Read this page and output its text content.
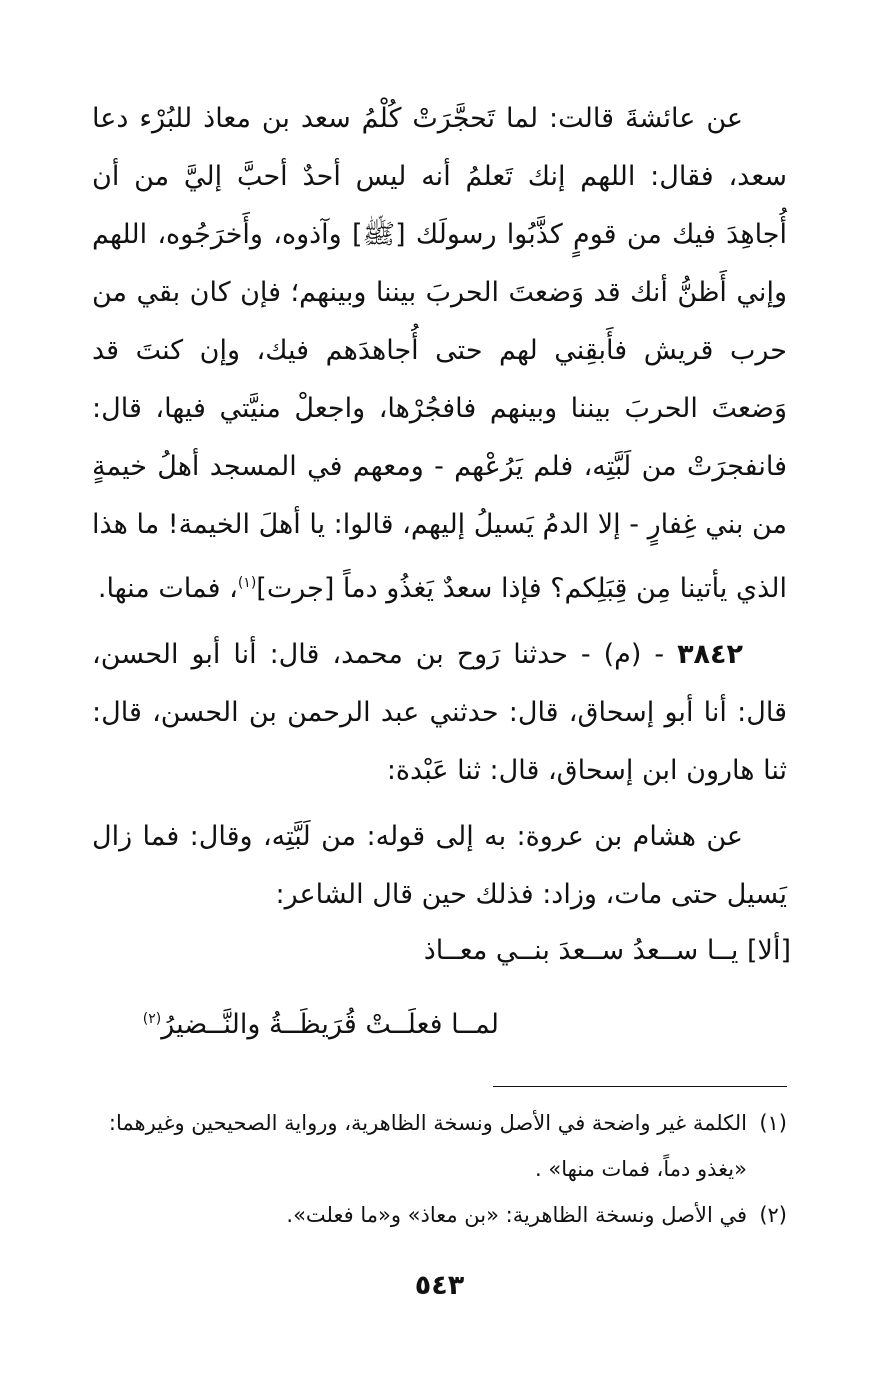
عن عائشةَ قالت: لما تَحجَّرَتْ كُلْمُ سعد بن معاذ للبُرْء دعا سعد، فقال: اللهم إنك تَعلمُ أنه ليس أحدٌ أحبَّ إليَّ من أن أُجاهِدَ فيك من قومٍ كذَّبُوا رسولَك [ﷺ] وآذوه، وأَخرَجُوه، اللهم وإني أَظنُّ أنك قد وَضعتَ الحربَ بيننا وبينهم؛ فإن كان بقي من حرب قريش فأَبقِني لهم حتى أُجاهدَهم فيك، وإن كنتَ قد وَضعتَ الحربَ بيننا وبينهم فافجُرْها، واجعلْ منيَّتي فيها، قال: فانفجرَتْ من لَبَّتِه، فلم يَرُعْهم - ومعهم في المسجد أهلُ خيمةٍ من بني غِفارٍ - إلا الدمُ يَسيلُ إليهم، قالوا: يا أهلَ الخيمة! ما هذا الذي يأتينا مِن قِبَلِكم؟ فإذا سعدٌ يَغذُو دماً [جرت]$^{(١)}$، فمات منها.

٣٨٤٢ - (م) - حدثنا رَوح بن محمد، قال: أنا أبو الحسن، قال: أنا أبو إسحاق، قال: حدثني عبد الرحمن بن الحسن، قال: ثنا هارون ابن إسحاق، قال: ثنا عَبْدة:

عن هشام بن عروة: به إلى قوله: من لَبَّتِه، وقال: فما زال يَسيل حتى مات، وزاد: فذلك حين قال الشاعر:

[ألا] يــا ســعدُ ســعدَ بنــي معــاذ
لمــا فعلَــتْ قُرَيظَــةُ والنَّــضيرُ$^{(٢)}$

(١)الكلمة غير واضحة في الأصل ونسخة الظاهرية، ورواية الصحيحين وغيرهما:

«يغذو دماً، فمات منها» .

(٢)في الأصل ونسخة الظاهرية: «بن معاذ» و«ما فعلت».

٥٤٣
